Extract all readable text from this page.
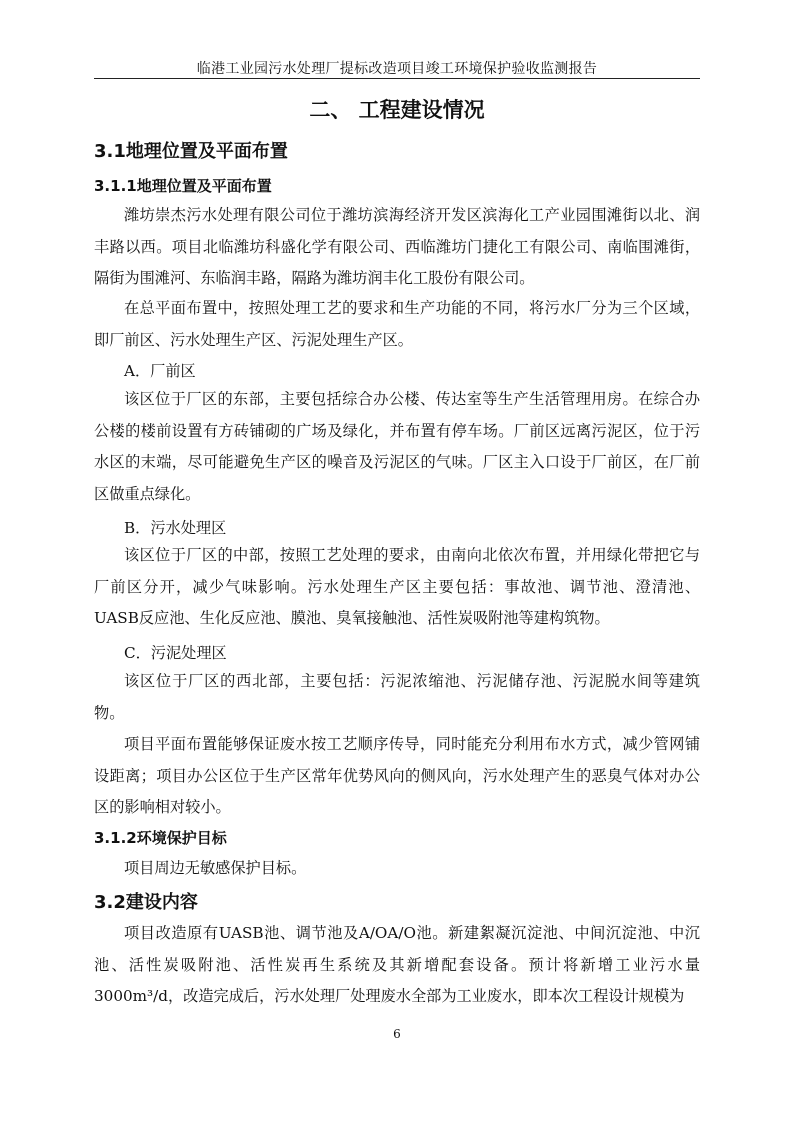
临港工业园污水处理厂提标改造项目竣工环境保护验收监测报告
二、 工程建设情况
3.1地理位置及平面布置
3.1.1地理位置及平面布置

潍坊崇杰污水处理有限公司位于潍坊滨海经济开发区滨海化工产业园围滩街以北、润丰路以西。项目北临潍坊科盛化学有限公司、西临潍坊门捷化工有限公司、南临围滩街，隔街为围滩河、东临润丰路，隔路为潍坊润丰化工股份有限公司。

在总平面布置中，按照处理工艺的要求和生产功能的不同，将污水厂分为三个区域，即厂前区、污水处理生产区、污泥处理生产区。

A．厂前区

该区位于厂区的东部，主要包括综合办公楼、传达室等生产生活管理用房。在综合办公楼的楼前设置有方砖铺砌的广场及绿化，并布置有停车场。厂前区远离污泥区，位于污水区的末端，尽可能避免生产区的噪音及污泥区的气味。厂区主入口设于厂前区，在厂前区做重点绿化。

B．污水处理区

该区位于厂区的中部，按照工艺处理的要求，由南向北依次布置，并用绿化带把它与厂前区分开，减少气味影响。污水处理生产区主要包括：事故池、调节池、澄清池、UASB反应池、生化反应池、膜池、臭氧接触池、活性炭吸附池等建构筑物。

C．污泥处理区

该区位于厂区的西北部，主要包括：污泥浓缩池、污泥储存池、污泥脱水间等建筑物。

项目平面布置能够保证废水按工艺顺序传导，同时能充分利用布水方式，减少管网铺设距离；项目办公区位于生产区常年优势风向的侧风向，污水处理产生的恶臭气体对办公区的影响相对较小。

3.1.2环境保护目标

项目周边无敏感保护目标。

3.2建设内容

项目改造原有UASB池、调节池及A/OA/O池。新建絮凝沉淀池、中间沉淀池、中沉池、活性炭吸附池、活性炭再生系统及其新增配套设备。预计将新增工业污水量3000m³/d，改造完成后，污水处理厂处理废水全部为工业废水，即本次工程设计规模为

6
